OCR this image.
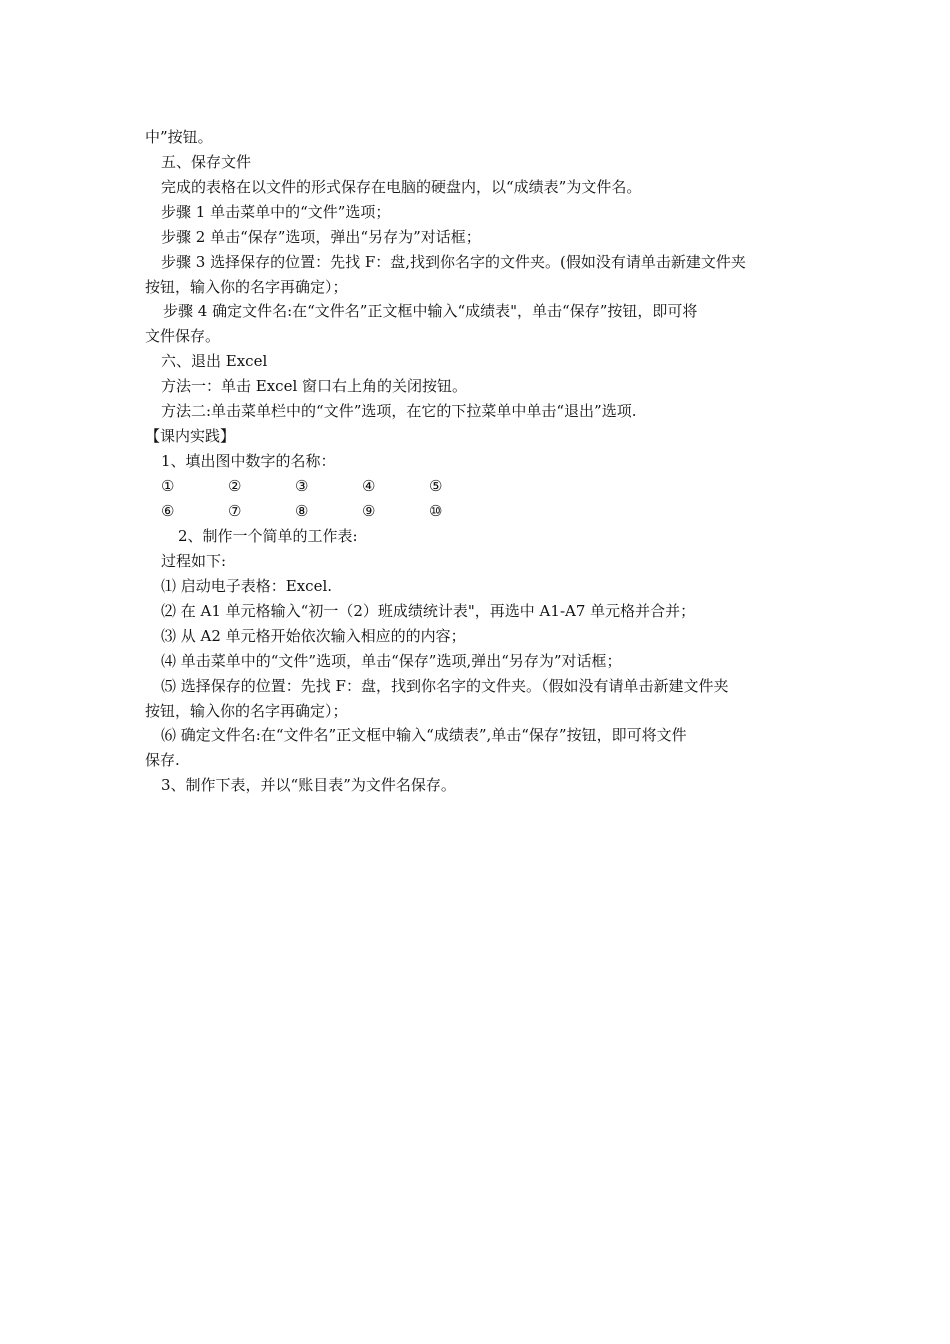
中”按钮。
五、保存文件
完成的表格在以文件的形式保存在电脑的硬盘内，以“成绩表”为文件名。
步骤 1 单击菜单中的“文件”选项；
步骤 2 单击“保存”选项，弹出“另存为”对话框；
步骤 3 选择保存的位置：先找 F：盘,找到你名字的文件夹。(假如没有请单击新建文件夹
按钮，输入你的名字再确定）；
步骤 4 确定文件名:在“文件名”正文框中输入“成绩表"，单击“保存”按钮，即可将
文件保存。
六、退出 Excel
方法一：单击 Excel 窗口右上角的关闭按钮。
方法二:单击菜单栏中的“文件”选项，在它的下拉菜单中单击“退出”选项.
【课内实践】
1、填出图中数字的名称：
①	②	③	④	⑤
⑥	⑦	⑧	⑨	⑩
2、制作一个简单的工作表:
过程如下:
⑴ 启动电子表格：Excel.
⑵ 在 A1 单元格输入“初一（2）班成绩统计表"，再选中 A1-A7 单元格并合并；
⑶ 从 A2 单元格开始依次输入相应的的内容；
⑷ 单击菜单中的“文件”选项，单击“保存”选项,弹出“另存为”对话框；
⑸ 选择保存的位置：先找 F：盘，找到你名字的文件夹。（假如没有请单击新建文件夹
按钮，输入你的名字再确定）；
⑹ 确定文件名:在“文件名”正文框中输入“成绩表”,单击“保存”按钮，即可将文件
保存.
3、制作下表，并以“账目表”为文件名保存。
